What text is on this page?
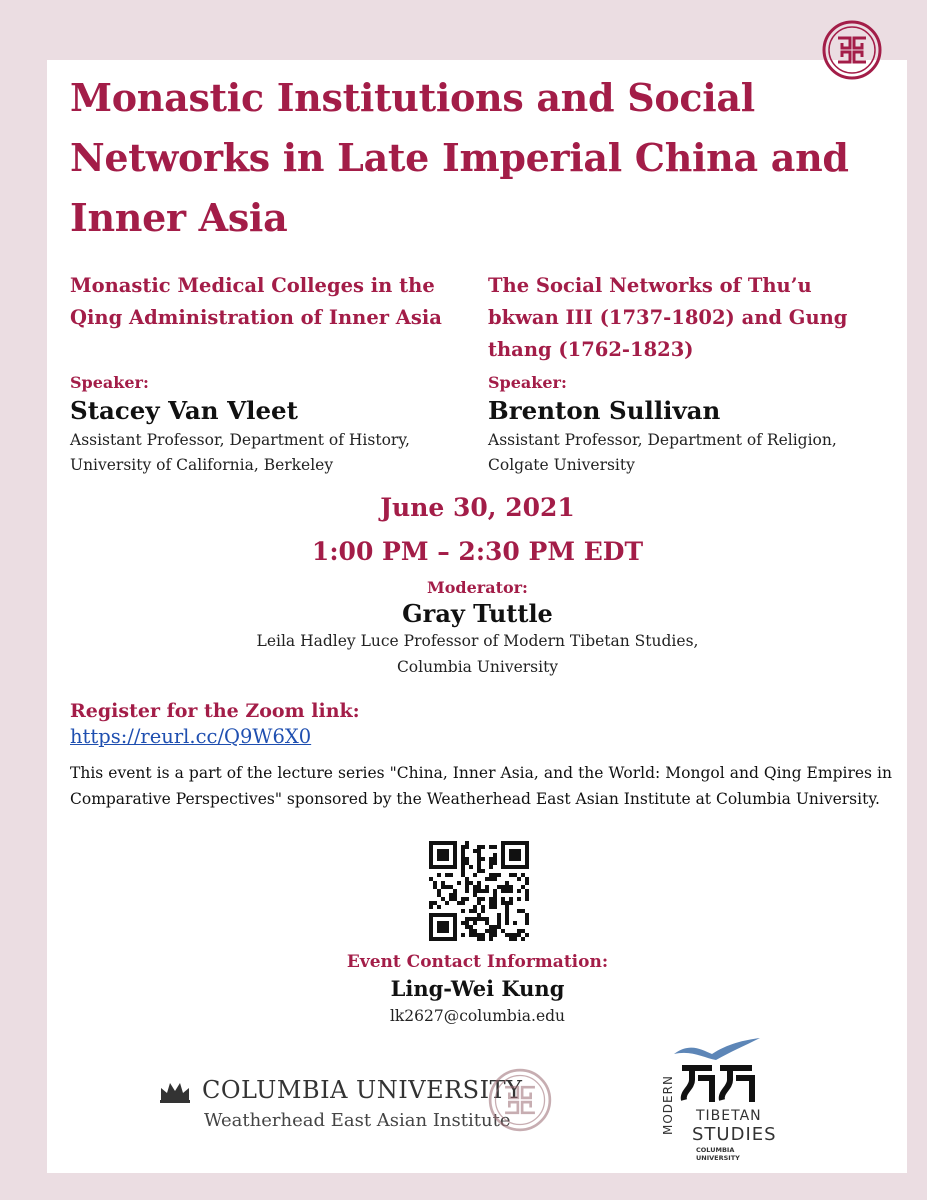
Monastic Institutions and Social
Networks in Late Imperial China and
Inner Asia
Monastic Medical Colleges in the
Qing Administration of Inner Asia
Speaker:
Stacey Van Vleet
Assistant Professor, Department of History,
University of California, Berkeley
The Social Networks of Thu’u
bkwan III (1737-1802) and Gung
thang (1762-1823)
Speaker:
Brenton Sullivan
Assistant Professor, Department of Religion,
Colgate University
June 30, 2021
1:00 PM – 2:30 PM EDT
Moderator:
Gray Tuttle
Leila Hadley Luce Professor of Modern Tibetan Studies,
Columbia University
Register for the Zoom link:
https://reurl.cc/Q9W6X0
This event is a part of the lecture series "China, Inner Asia, and the World: Mongol and Qing Empires in Comparative Perspectives" sponsored by the Weatherhead East Asian Institute at Columbia University.
Event Contact Information:
Ling-Wei Kung
lk2627@columbia.edu
COLUMBIA UNIVERSITY
Weatherhead East Asian Institute	MODERN TIBETAN
STUDIES
COLUMBIA UNIVERSITY
